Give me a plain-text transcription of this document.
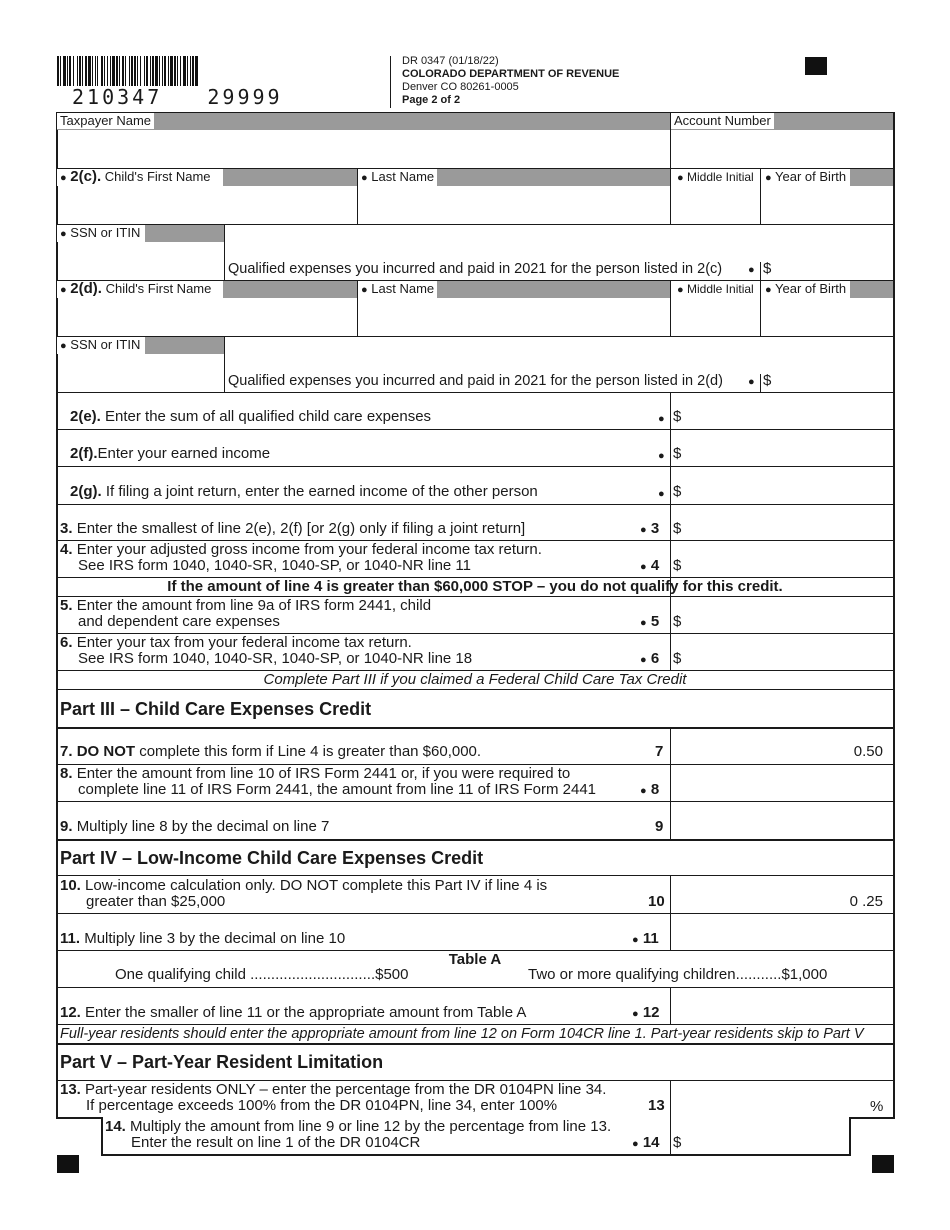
210347   29999
DR 0347 (01/18/22)
COLORADO DEPARTMENT OF REVENUE
Denver CO 80261-0005
Page 2 of 2
Taxpayer Name	Account Number
● 2(c). Child's First Name	● Last Name	● Middle Initial	● Year of Birth
● SSN or ITIN
Qualified expenses you incurred and paid in 2021 for the person listed in 2(c) ● $
● 2(d). Child's First Name	● Last Name	● Middle Initial	● Year of Birth
● SSN or ITIN
Qualified expenses you incurred and paid in 2021 for the person listed in 2(d) ● $
2(e). Enter the sum of all qualified child care expenses	● $
2(f).Enter your earned income	● $
2(g). If filing a joint return, enter the earned income of the other person	● $
3. Enter the smallest of line 2(e), 2(f) [or 2(g) only if filing a joint return]	● 3 $
4. Enter your adjusted gross income from your federal income tax return.
See IRS form 1040, 1040-SR, 1040-SP, or 1040-NR line 11	● 4 $
If the amount of line 4 is greater than $60,000 STOP – you do not qualify for this credit.
5. Enter the amount from line 9a of IRS form 2441, child
and dependent care expenses	● 5 $
6. Enter your tax from your federal income tax return.
See IRS form 1040, 1040-SR, 1040-SP, or 1040-NR line 18	● 6 $
Complete Part III if you claimed a Federal Child Care Tax Credit
Part III – Child Care Expenses Credit
7. DO NOT complete this form if Line 4 is greater than $60,000.	7	0.50
8. Enter the amount from line 10 of IRS Form 2441 or, if you were required to
complete line 11 of IRS Form 2441, the amount from line 11 of IRS Form 2441	● 8
9. Multiply line 8 by the decimal on line 7	9
Part IV – Low-Income Child Care Expenses Credit
10. Low-income calculation only. DO NOT complete this Part IV if line 4 is
greater than $25,000	10	0 .25
11. Multiply line 3 by the decimal on line 10	● 11
Table A
One qualifying child ..............................$500	Two or more qualifying children...........$1,000
12. Enter the smaller of line 11 or the appropriate amount from Table A	● 12
Full-year residents should enter the appropriate amount from line 12 on Form 104CR line 1. Part-year residents skip to Part V
Part V – Part-Year Resident Limitation
13. Part-year residents ONLY – enter the percentage from the DR 0104PN line 34.
If percentage exceeds 100% from the DR 0104PN, line 34, enter 100%	13	%
14. Multiply the amount from line 9 or line 12 by the percentage from line 13.
Enter the result on line 1 of the DR 0104CR	● 14 $
